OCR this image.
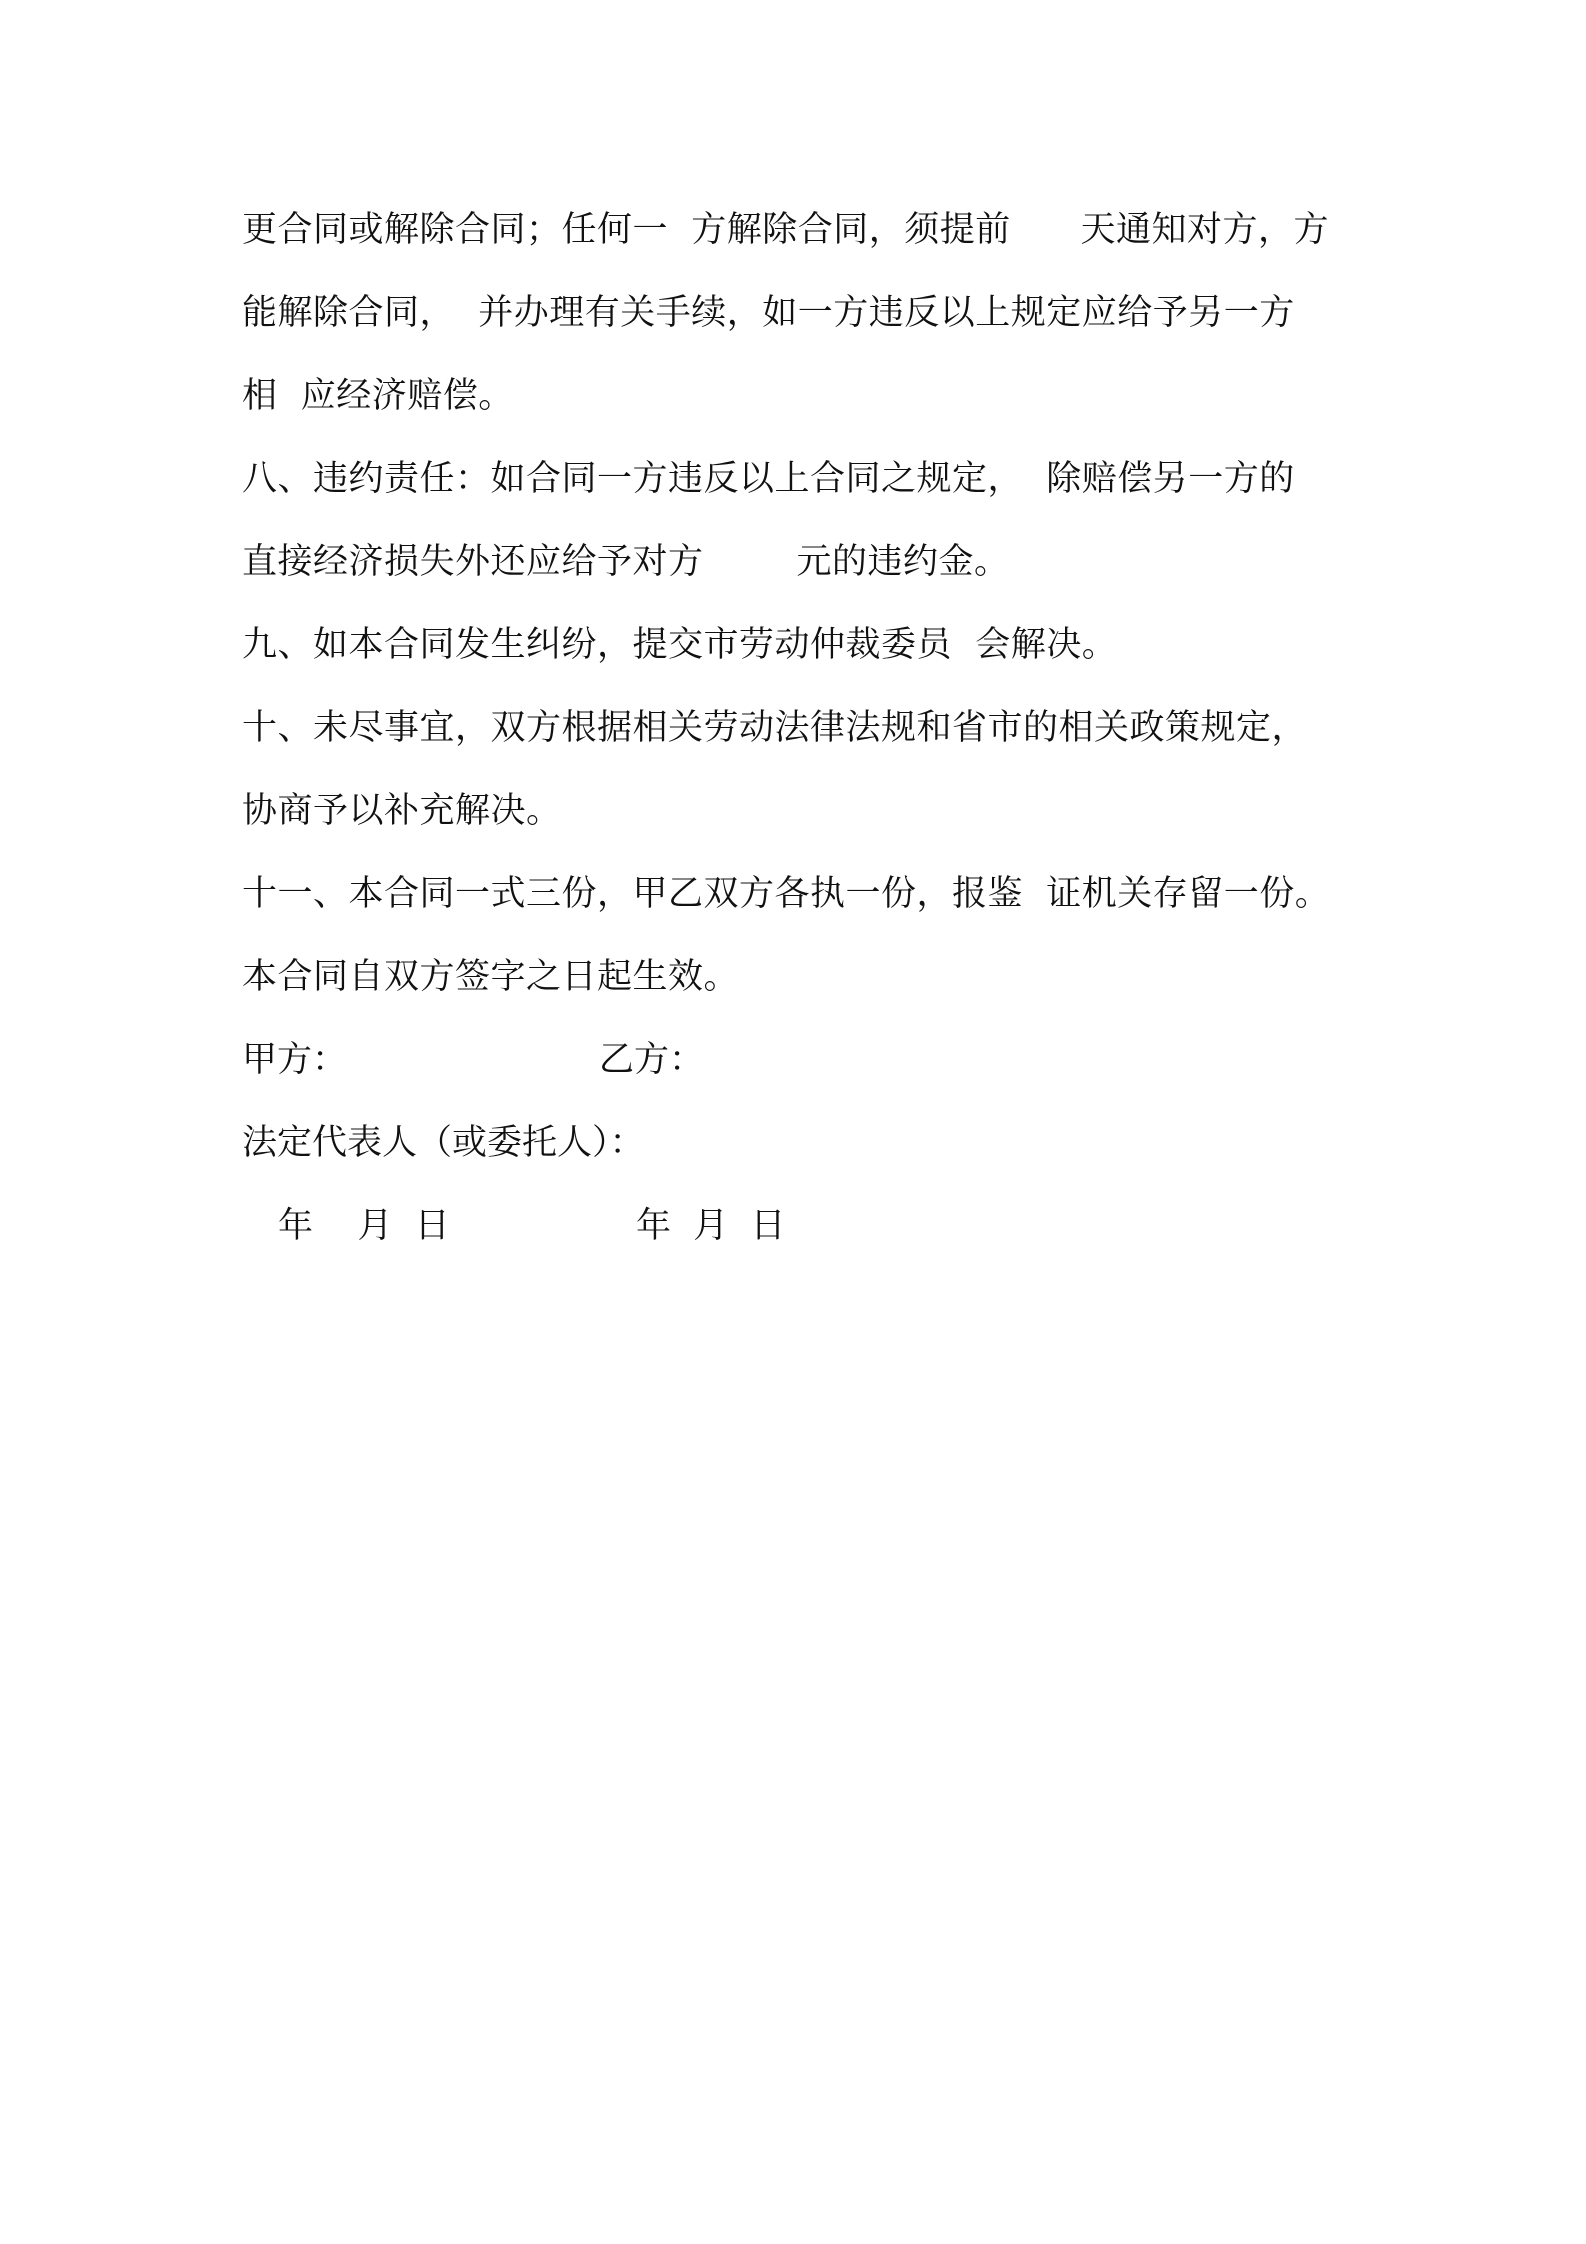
更合同或解除合同；任何一  方解除合同，须提前      天通知对方，方
能解除合同，  并办理有关手续，如一方违反以上规定应给予另一方
相  应经济赔偿。
八、违约责任：如合同一方违反以上合同之规定，  除赔偿另一方的
直接经济损失外还应给予对方        元的违约金。
九、如本合同发生纠纷，提交市劳动仲裁委员  会解决。
十、未尽事宜，双方根据相关劳动法律法规和省市的相关政策规定，
协商予以补充解决。
十一、本合同一式三份，甲乙双方各执一份，报鉴  证机关存留一份。
本合同自双方签字之日起生效。
甲方：	乙方：
法定代表人（或委托人）：
年    月  日	年  月  日
